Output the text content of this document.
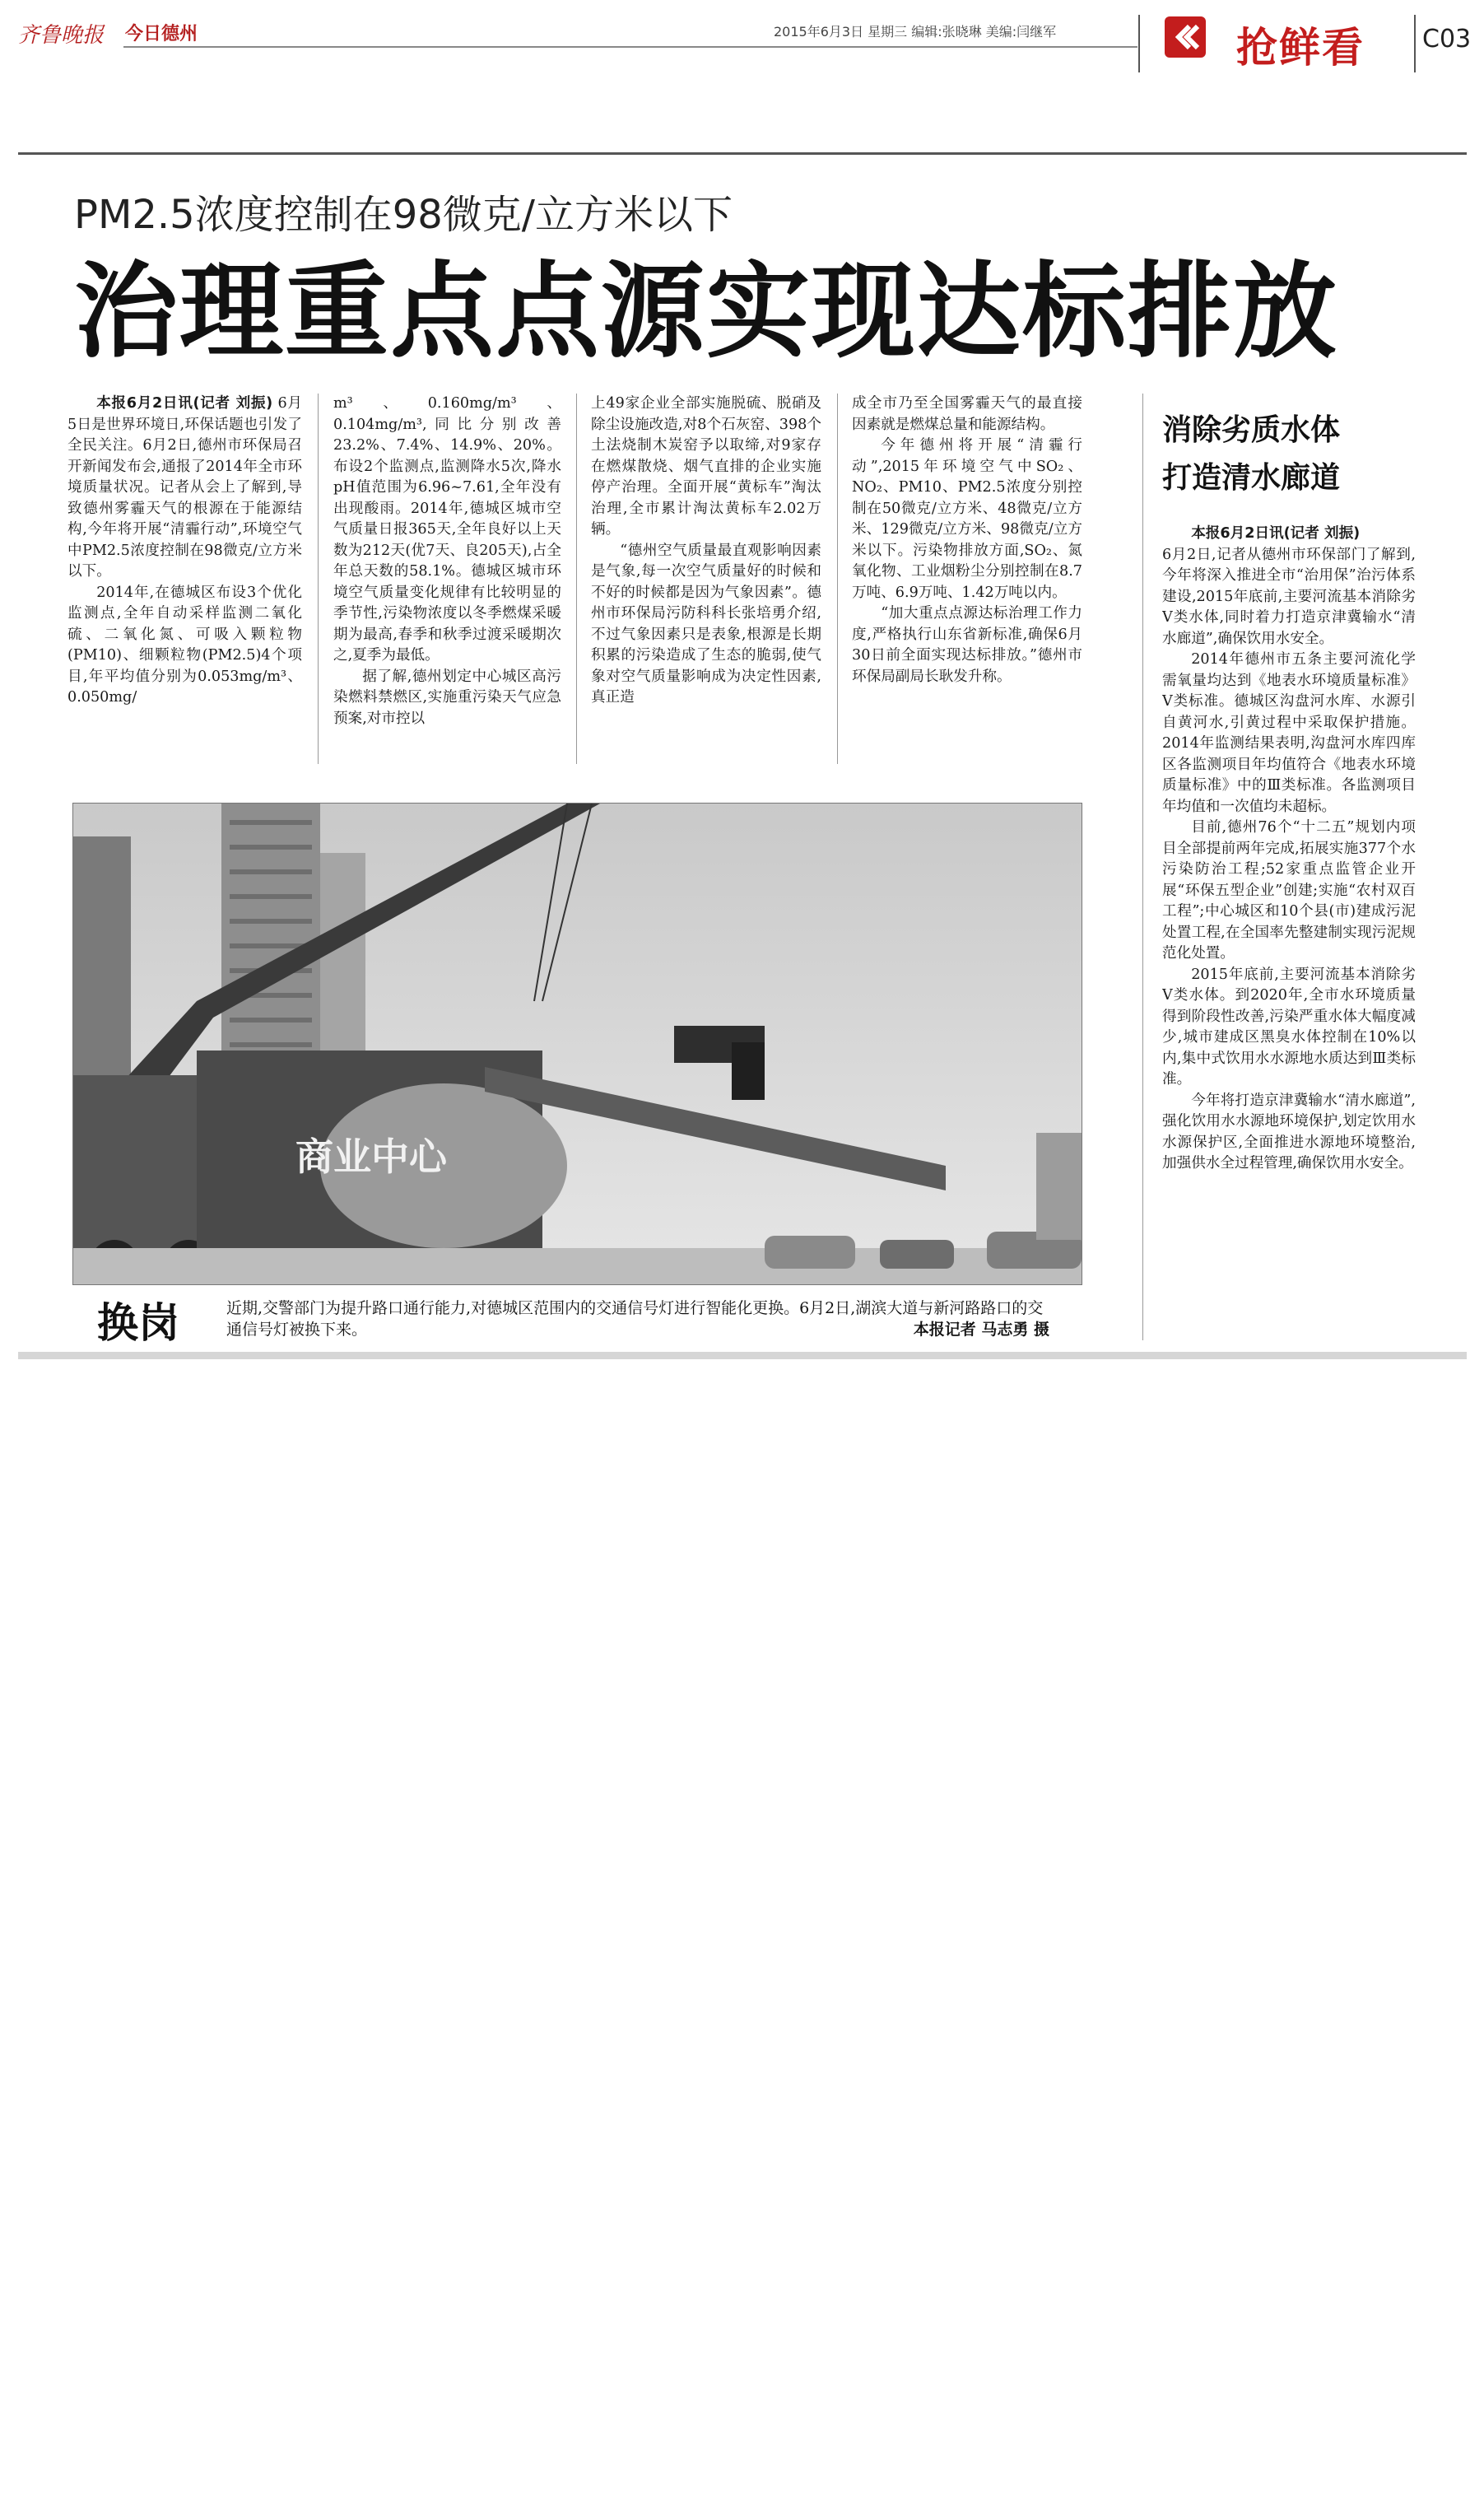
齐鲁晚报 今日德州	2015年6月3日 星期三 编辑:张晓琳 美编:闫继军	抢鲜看 C03
PM2.5浓度控制在98微克/立方米以下
治理重点点源实现达标排放

本报6月2日讯(记者 刘振) 6月5日是世界环境日,环保话题也引发了全民关注。6月2日,德州市环保局召开新闻发布会,通报了2014年全市环境质量状况。记者从会上了解到,导致德州雾霾天气的根源在于能源结构,今年将开展“清霾行动”,环境空气中PM2.5浓度控制在98微克/立方米以下。

2014年,在德城区布设3个优化监测点,全年自动采样监测二氧化硫、二氧化氮、可吸入颗粒物(PM10)、细颗粒物(PM2.5)4个项目,年平均值分别为0.053mg/m³、0.050mg/

m³、0.160mg/m³、0.104mg/m³,同比分别改善23.2%、7.4%、14.9%、20%。布设2个监测点,监测降水5次,降水pH值范围为6.96~7.61,全年没有出现酸雨。2014年,德城区城市空气质量日报365天,全年良好以上天数为212天(优7天、良205天),占全年总天数的58.1%。德城区城市环境空气质量变化规律有比较明显的季节性,污染物浓度以冬季燃煤采暖期为最高,春季和秋季过渡采暖期次之,夏季为最低。

据了解,德州划定中心城区高污染燃料禁燃区,实施重污染天气应急预案,对市控以

上49家企业全部实施脱硫、脱硝及除尘设施改造,对8个石灰窑、398个土法烧制木炭窑予以取缔,对9家存在燃煤散烧、烟气直排的企业实施停产治理。全面开展“黄标车”淘汰治理,全市累计淘汰黄标车2.02万辆。

“德州空气质量最直观影响因素是气象,每一次空气质量好的时候和不好的时候都是因为气象因素”。德州市环保局污防科科长张培勇介绍,不过气象因素只是表象,根源是长期积累的污染造成了生态的脆弱,使气象对空气质量影响成为决定性因素,真正造

成全市乃至全国雾霾天气的最直接因素就是燃煤总量和能源结构。

今年德州将开展“清霾行动”,2015年环境空气中SO₂、NO₂、PM10、PM2.5浓度分别控制在50微克/立方米、48微克/立方米、129微克/立方米、98微克/立方米以下。污染物排放方面,SO₂、氮氧化物、工业烟粉尘分别控制在8.7万吨、6.9万吨、1.42万吨以内。

“加大重点点源达标治理工作力度,严格执行山东省新标准,确保6月30日前全面实现达标排放。”德州市环保局副局长耿发升称。

消除劣质水体
打造清水廊道

本报6月2日讯(记者 刘振)

6月2日,记者从德州市环保部门了解到,今年将深入推进全市“治用保”治污体系建设,2015年底前,主要河流基本消除劣Ⅴ类水体,同时着力打造京津冀输水“清水廊道”,确保饮用水安全。

2014年德州市五条主要河流化学需氧量均达到《地表水环境质量标准》Ⅴ类标准。德城区沟盘河水库、水源引自黄河水,引黄过程中采取保护措施。2014年监测结果表明,沟盘河水库四库区各监测项目年均值符合《地表水环境质量标准》中的Ⅲ类标准。各监测项目年均值和一次值均未超标。

目前,德州76个“十二五”规划内项目全部提前两年完成,拓展实施377个水污染防治工程;52家重点监管企业开展“环保五型企业”创建;实施“农村双百工程”;中心城区和10个县(市)建成污泥处置工程,在全国率先整建制实现污泥规范化处置。

2015年底前,主要河流基本消除劣Ⅴ类水体。到2020年,全市水环境质量得到阶段性改善,污染严重水体大幅度减少,城市建成区黑臭水体控制在10%以内,集中式饮用水水源地水质达到Ⅲ类标准。

今年将打造京津冀输水“清水廊道”,强化饮用水水源地环境保护,划定饮用水水源保护区,全面推进水源地环境整治,加强供水全过程管理,确保饮用水安全。

商业中心
换岗	近期,交警部门为提升路口通行能力,对德城区范围内的交通信号灯进行智能化更换。6月2日,湖滨大道与新河路路口的交通信号灯被换下来。	本报记者 马志勇 摄
